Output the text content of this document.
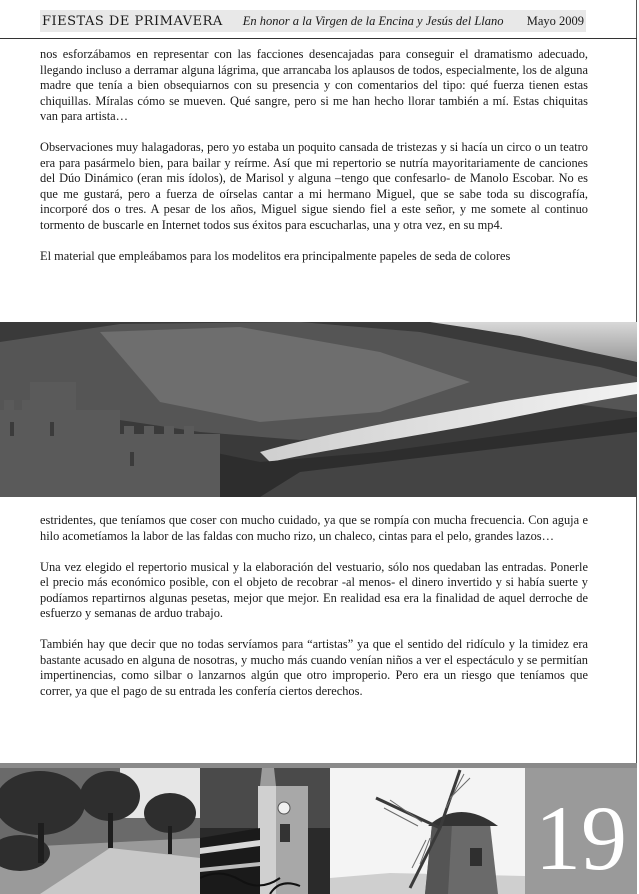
FIESTAS DE PRIMAVERA En honor a la Virgen de la Encina y Jesús del Llano Mayo 2009

nos esforzábamos en representar con las facciones desencajadas para conseguir el dramatismo adecuado, llegando incluso a derramar alguna lágrima, que arrancaba los aplausos de todos, especialmente, los de alguna madre que tenía a bien obsequiarnos con su presencia y con comentarios del tipo: qué fuerza tienen estas chiquillas. Míralas cómo se mueven. Qué sangre, pero si me han hecho llorar también a mí. Estas chiquitas van para artista…

Observaciones muy halagadoras, pero yo estaba un poquito cansada de tristezas y si hacía un circo o un teatro era para pasármelo bien, para bailar y reírme. Así que mi repertorio se nutría mayoritariamente de canciones del Dúo Dinámico (eran mis ídolos), de Marisol y alguna –tengo que confesarlo- de Manolo Escobar. No es que me gustará, pero a fuerza de oírselas cantar a mi hermano Miguel, que se sabe toda su discografía, incorporé dos o tres. A pesar de los años, Miguel sigue siendo fiel a este señor, y me somete al continuo tormento de buscarle en Internet todos sus éxitos para escucharlas, una y otra vez, en su mp4.

El material que empleábamos para los modelitos era principalmente papeles de seda de colores

estridentes, que teníamos que coser con mucho cuidado, ya que se rompía con mucha frecuencia. Con aguja e hilo acometíamos la labor de las faldas con mucho rizo, un chaleco, cintas para el pelo, grandes lazos…

Una vez elegido el repertorio musical y la elaboración del vestuario, sólo nos quedaban las entradas. Ponerle el precio más económico posible, con el objeto de recobrar -al menos- el dinero invertido y si había suerte y podíamos repartirnos algunas pesetas, mejor que mejor. En realidad esa era la finalidad de aquel derroche de esfuerzo y semanas de arduo trabajo.

También hay que decir que no todas servíamos para “artistas” ya que el sentido del ridículo y la timidez era bastante acusado en alguna de nosotras, y mucho más cuando venían niños a ver el espectáculo y se permitían impertinencias, como silbar o lanzarnos algún que otro improperio. Pero era un riesgo que teníamos que correr, ya que el pago de su entrada les confería ciertos derechos.

19
